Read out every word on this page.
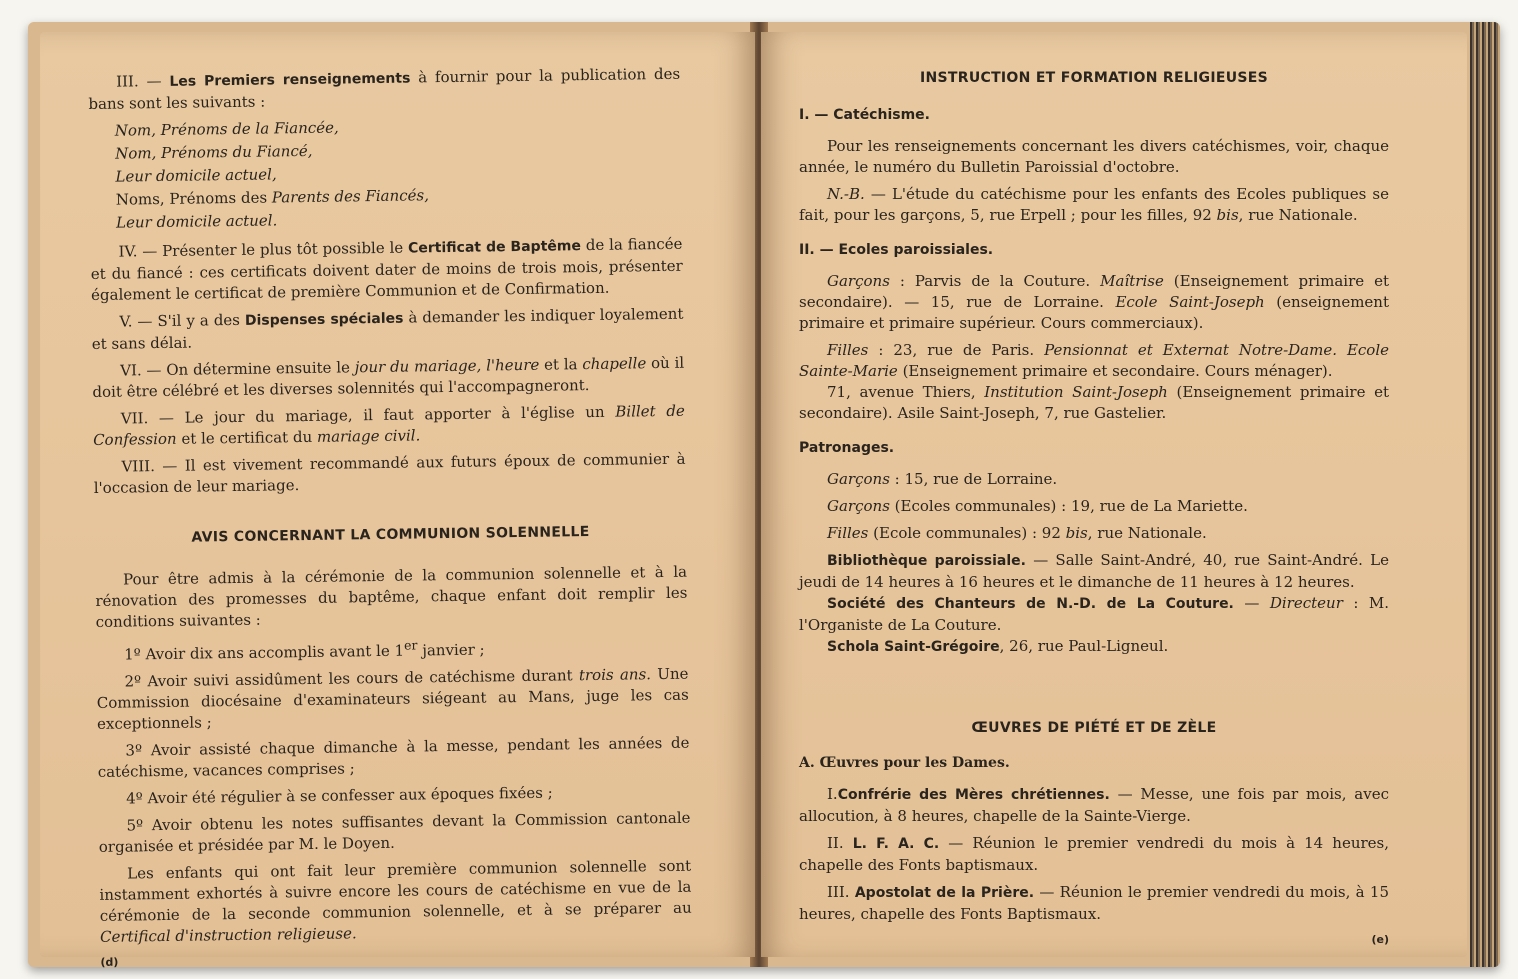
III. — Les Premiers renseignements à fournir pour la publication des bans sont les suivants :

Nom, Prénoms de la Fiancée,
Nom, Prénoms du Fiancé,
Leur domicile actuel,
Noms, Prénoms des Parents des Fiancés,
Leur domicile actuel.

IV. — Présenter le plus tôt possible le Certificat de Baptême de la fiancée et du fiancé : ces certificats doivent dater de moins de trois mois, présenter également le certificat de première Communion et de Confirmation.

V. — S'il y a des Dispenses spéciales à demander les indiquer loyalement et sans délai.

VI. — On détermine ensuite le jour du mariage, l'heure et la chapelle où il doit être célébré et les diverses solennités qui l'accompagneront.

VII. — Le jour du mariage, il faut apporter à l'église un Billet de Confession et le certificat du mariage civil.

VIII. — Il est vivement recommandé aux futurs époux de communier à l'occasion de leur mariage.

AVIS CONCERNANT LA COMMUNION SOLENNELLE

Pour être admis à la cérémonie de la communion solennelle et à la rénovation des promesses du baptême, chaque enfant doit remplir les conditions suivantes :

1º Avoir dix ans accomplis avant le 1er janvier ;

2º Avoir suivi assidûment les cours de catéchisme durant trois ans. Une Commission diocésaine d'examinateurs siégeant au Mans, juge les cas exceptionnels ;

3º Avoir assisté chaque dimanche à la messe, pendant les années de catéchisme, vacances comprises ;

4º Avoir été régulier à se confesser aux époques fixées ;

5º Avoir obtenu les notes suffisantes devant la Commission cantonale organisée et présidée par M. le Doyen.

Les enfants qui ont fait leur première communion solennelle sont instamment exhortés à suivre encore les cours de catéchisme en vue de la cérémonie de la seconde communion solennelle, et à se préparer au Certifical d'instruction religieuse.

(d)
INSTRUCTION ET FORMATION RELIGIEUSES
I. — Catéchisme.

Pour les renseignements concernant les divers catéchismes, voir, chaque année, le numéro du Bulletin Paroissial d'octobre.

N.-B. — L'étude du catéchisme pour les enfants des Ecoles publiques se fait, pour les garçons, 5, rue Erpell ; pour les filles, 92 bis, rue Nationale.

II. — Ecoles paroissiales.

Garçons : Parvis de la Couture. Maîtrise (Enseignement primaire et secondaire). — 15, rue de Lorraine. Ecole Saint-Joseph (enseignement primaire et primaire supérieur. Cours commerciaux).

Filles : 23, rue de Paris. Pensionnat et Externat Notre-Dame. Ecole Sainte-Marie (Enseignement primaire et secondaire. Cours ménager).

71, avenue Thiers, Institution Saint-Joseph (Enseignement primaire et secondaire). Asile Saint-Joseph, 7, rue Gastelier.

Patronages.

Garçons : 15, rue de Lorraine.

Garçons (Ecoles communales) : 19, rue de La Mariette.

Filles (Ecole communales) : 92 bis, rue Nationale.

Bibliothèque paroissiale. — Salle Saint-André, 40, rue Saint-André. Le jeudi de 14 heures à 16 heures et le dimanche de 11 heures à 12 heures.

Société des Chanteurs de N.-D. de La Couture. — Directeur : M. l'Organiste de La Couture.

Schola Saint-Grégoire, 26, rue Paul-Ligneul.

ŒUVRES DE PIÉTÉ ET DE ZÈLE
A. Œuvres pour les Dames.

I.Confrérie des Mères chrétiennes. — Messe, une fois par mois, avec allocution, à 8 heures, chapelle de la Sainte-Vierge.

II. L. F. A. C. — Réunion le premier vendredi du mois à 14 heures, chapelle des Fonts baptismaux.

III. Apostolat de la Prière. — Réunion le premier vendredi du mois, à 15 heures, chapelle des Fonts Baptismaux.

(e)
